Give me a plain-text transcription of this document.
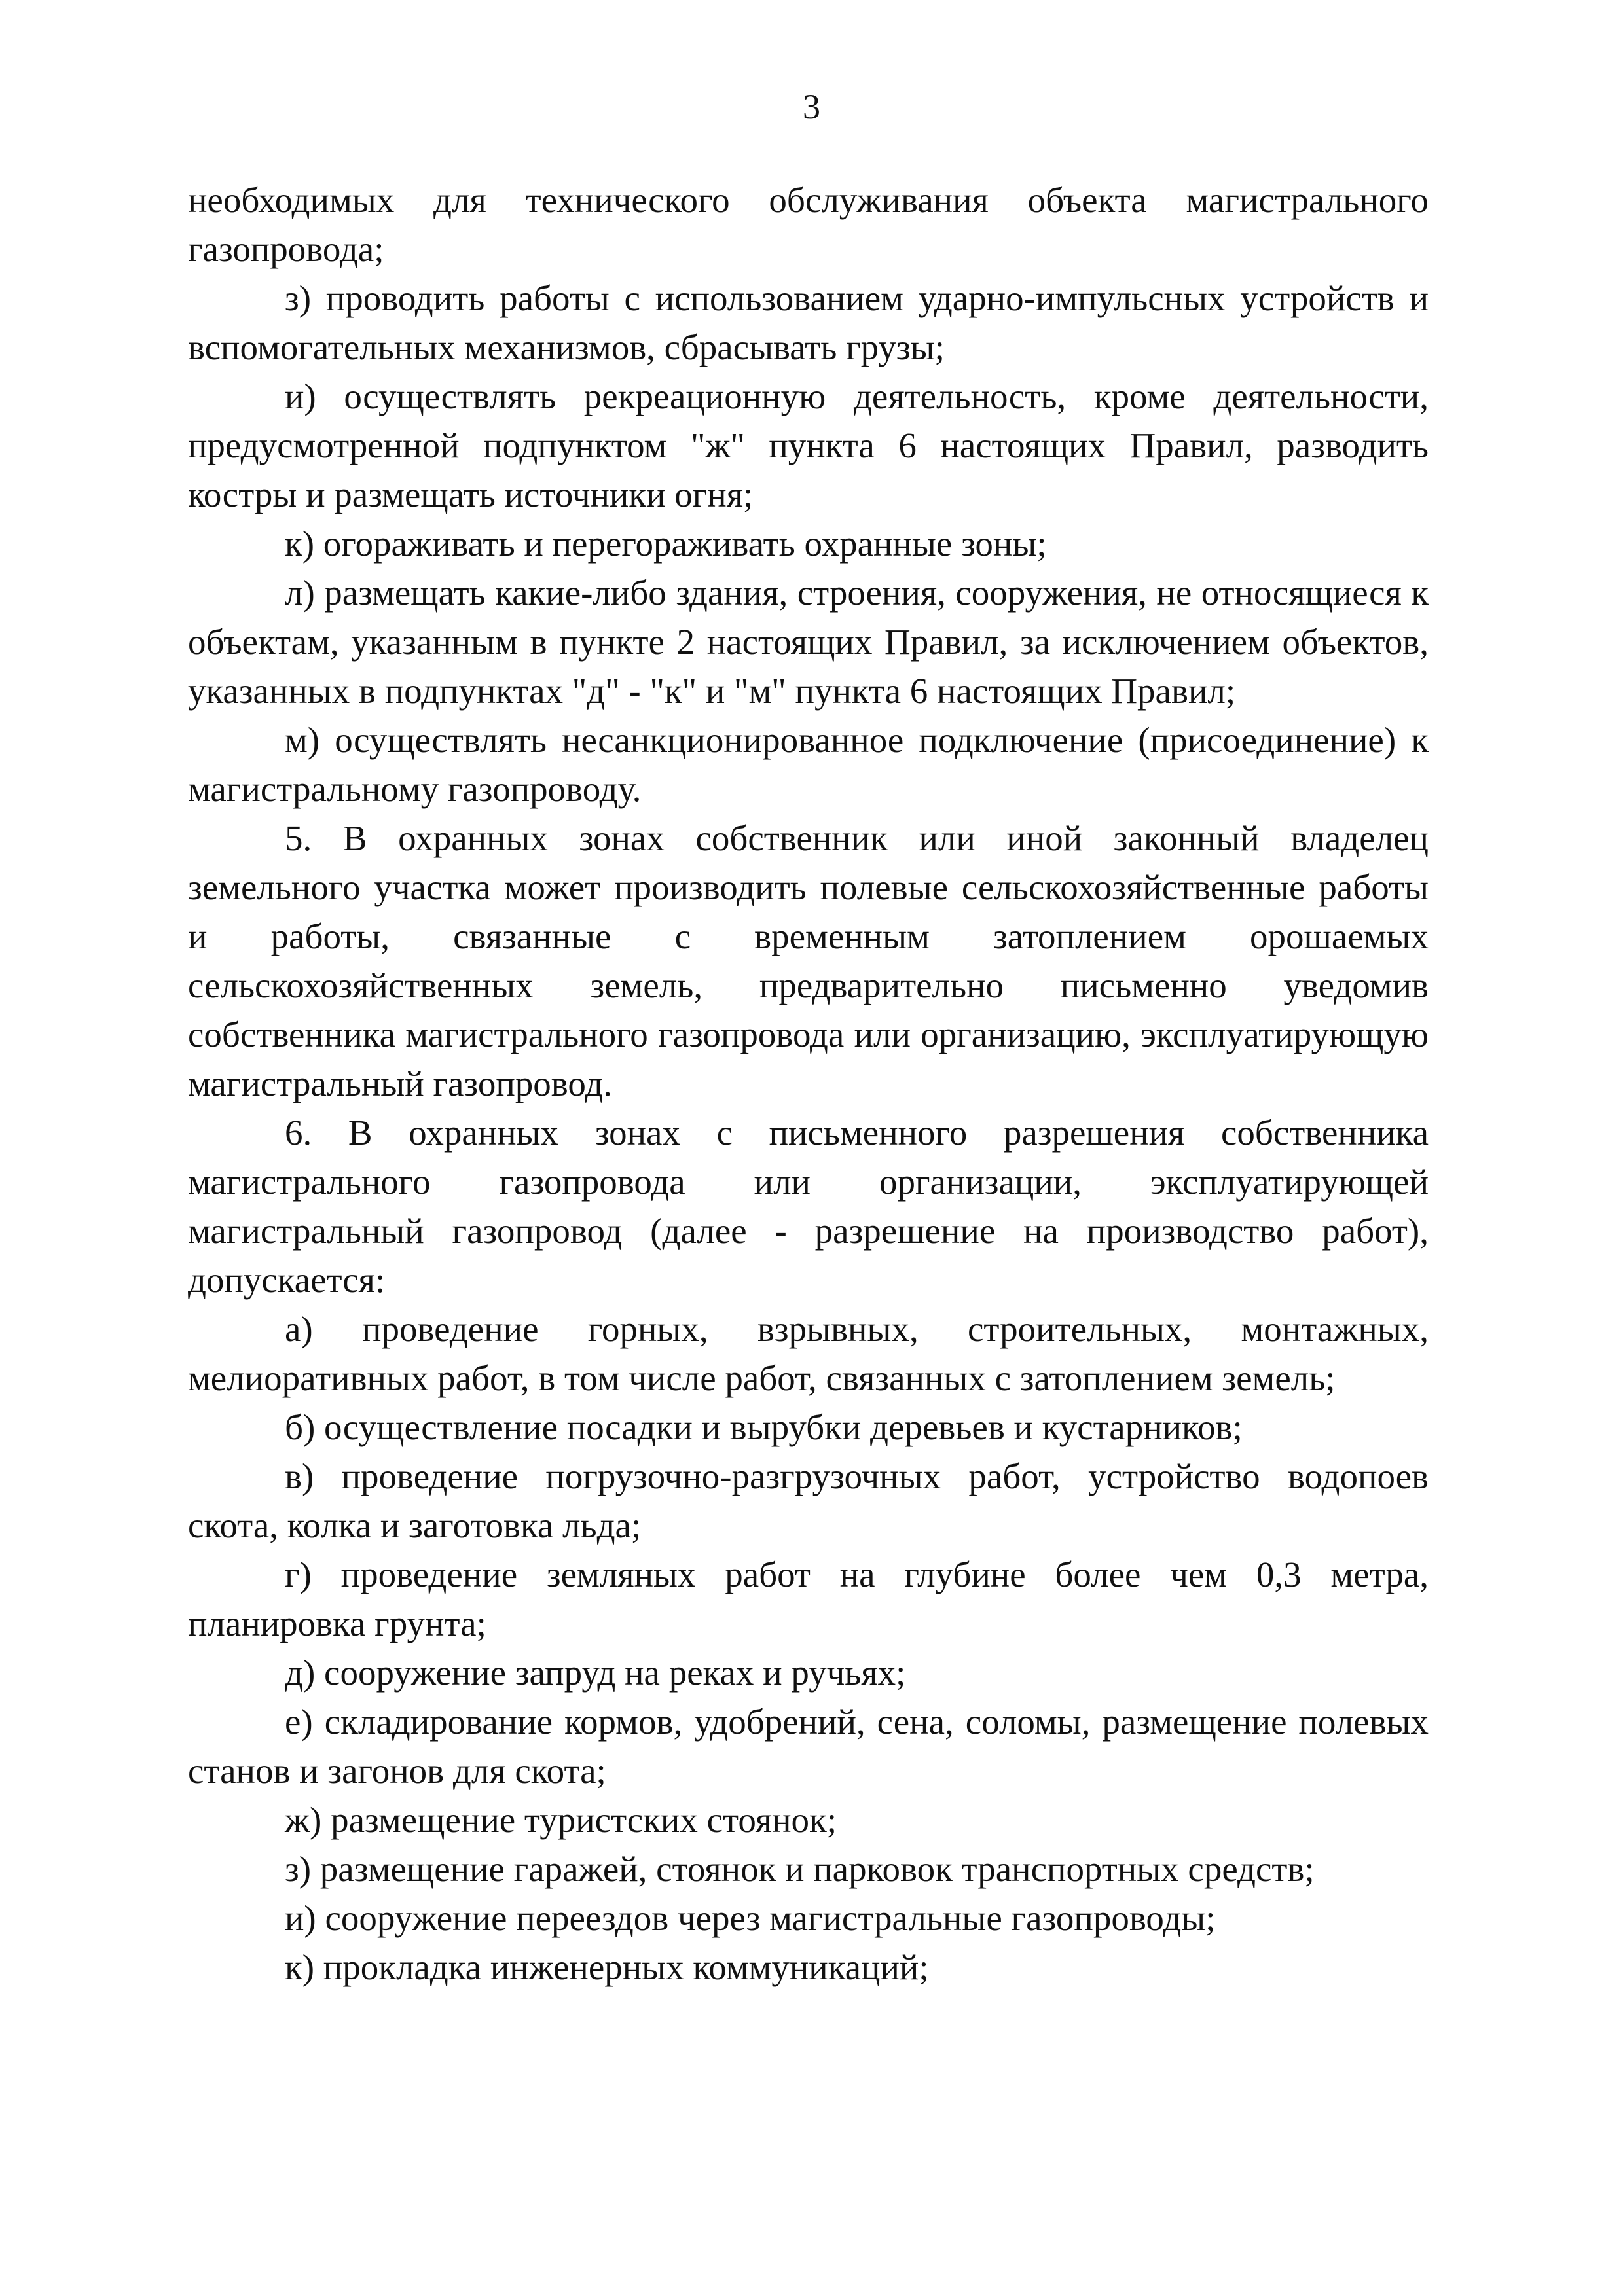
3

необходимых для технического обслуживания объекта магистрального газопровода;

з) проводить работы с использованием ударно-импульсных устройств и вспомогательных механизмов, сбрасывать грузы;

и) осуществлять рекреационную деятельность, кроме деятельности, предусмотренной подпунктом "ж" пункта 6 настоящих Правил, разводить костры и размещать источники огня;

к) огораживать и перегораживать охранные зоны;

л) размещать какие-либо здания, строения, сооружения, не относящиеся к объектам, указанным в пункте 2 настоящих Правил, за исключением объектов, указанных в подпунктах "д" - "к" и "м" пункта 6 настоящих Правил;

м) осуществлять несанкционированное подключение (присоединение) к магистральному газопроводу.

5. В охранных зонах собственник или иной законный владелец земельного участка может производить полевые сельскохозяйственные работы и работы, связанные с временным затоплением орошаемых сельскохозяйственных земель, предварительно письменно уведомив собственника магистрального газопровода или организацию, эксплуатирующую магистральный газопровод.

6. В охранных зонах с письменного разрешения собственника магистрального газопровода или организации, эксплуатирующей магистральный газопровод (далее - разрешение на производство работ), допускается:

а) проведение горных, взрывных, строительных, монтажных, мелиоративных работ, в том числе работ, связанных с затоплением земель;

б) осуществление посадки и вырубки деревьев и кустарников;

в) проведение погрузочно-разгрузочных работ, устройство водопоев скота, колка и заготовка льда;

г) проведение земляных работ на глубине более чем 0,3 метра, планировка грунта;

д) сооружение запруд на реках и ручьях;

е) складирование кормов, удобрений, сена, соломы, размещение полевых станов и загонов для скота;

ж) размещение туристских стоянок;

з) размещение гаражей, стоянок и парковок транспортных средств;

и) сооружение переездов через магистральные газопроводы;

к) прокладка инженерных коммуникаций;
